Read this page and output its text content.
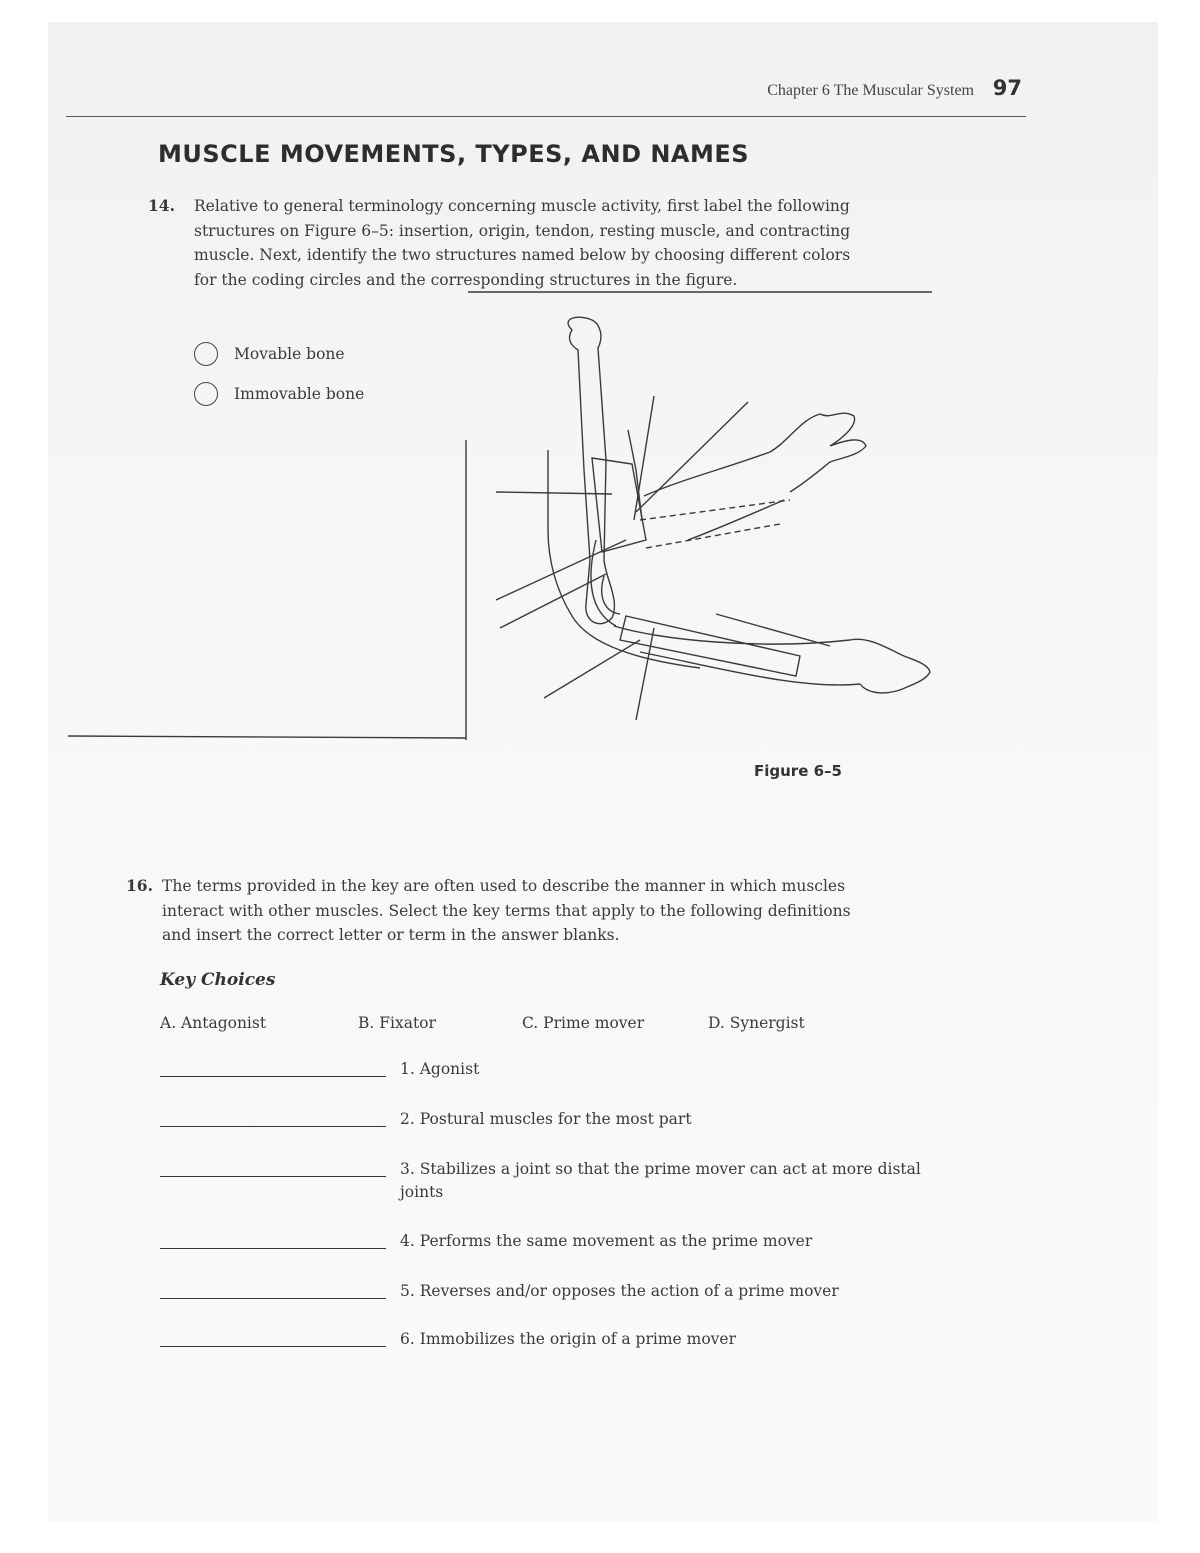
Chapter 6 The Muscular System 97
MUSCLE MOVEMENTS, TYPES, AND NAMES
14. Relative to general terminology concerning muscle activity, first label the following structures on Figure 6–5: insertion, origin, tendon, resting muscle, and contracting muscle. Next, identify the two structures named below by choosing different colors for the coding circles and the corresponding structures in the figure.
Movable bone
Immovable bone
Figure 6–5
16. The terms provided in the key are often used to describe the manner in which muscles interact with other muscles. Select the key terms that apply to the following definitions and insert the correct letter or term in the answer blanks.
Key Choices
A. Antagonist	B. Fixator	C. Prime mover	D. Synergist
1. Agonist
2. Postural muscles for the most part
3. Stabilizes a joint so that the prime mover can act at more distal joints
4. Performs the same movement as the prime mover
5. Reverses and/or opposes the action of a prime mover
6. Immobilizes the origin of a prime mover
